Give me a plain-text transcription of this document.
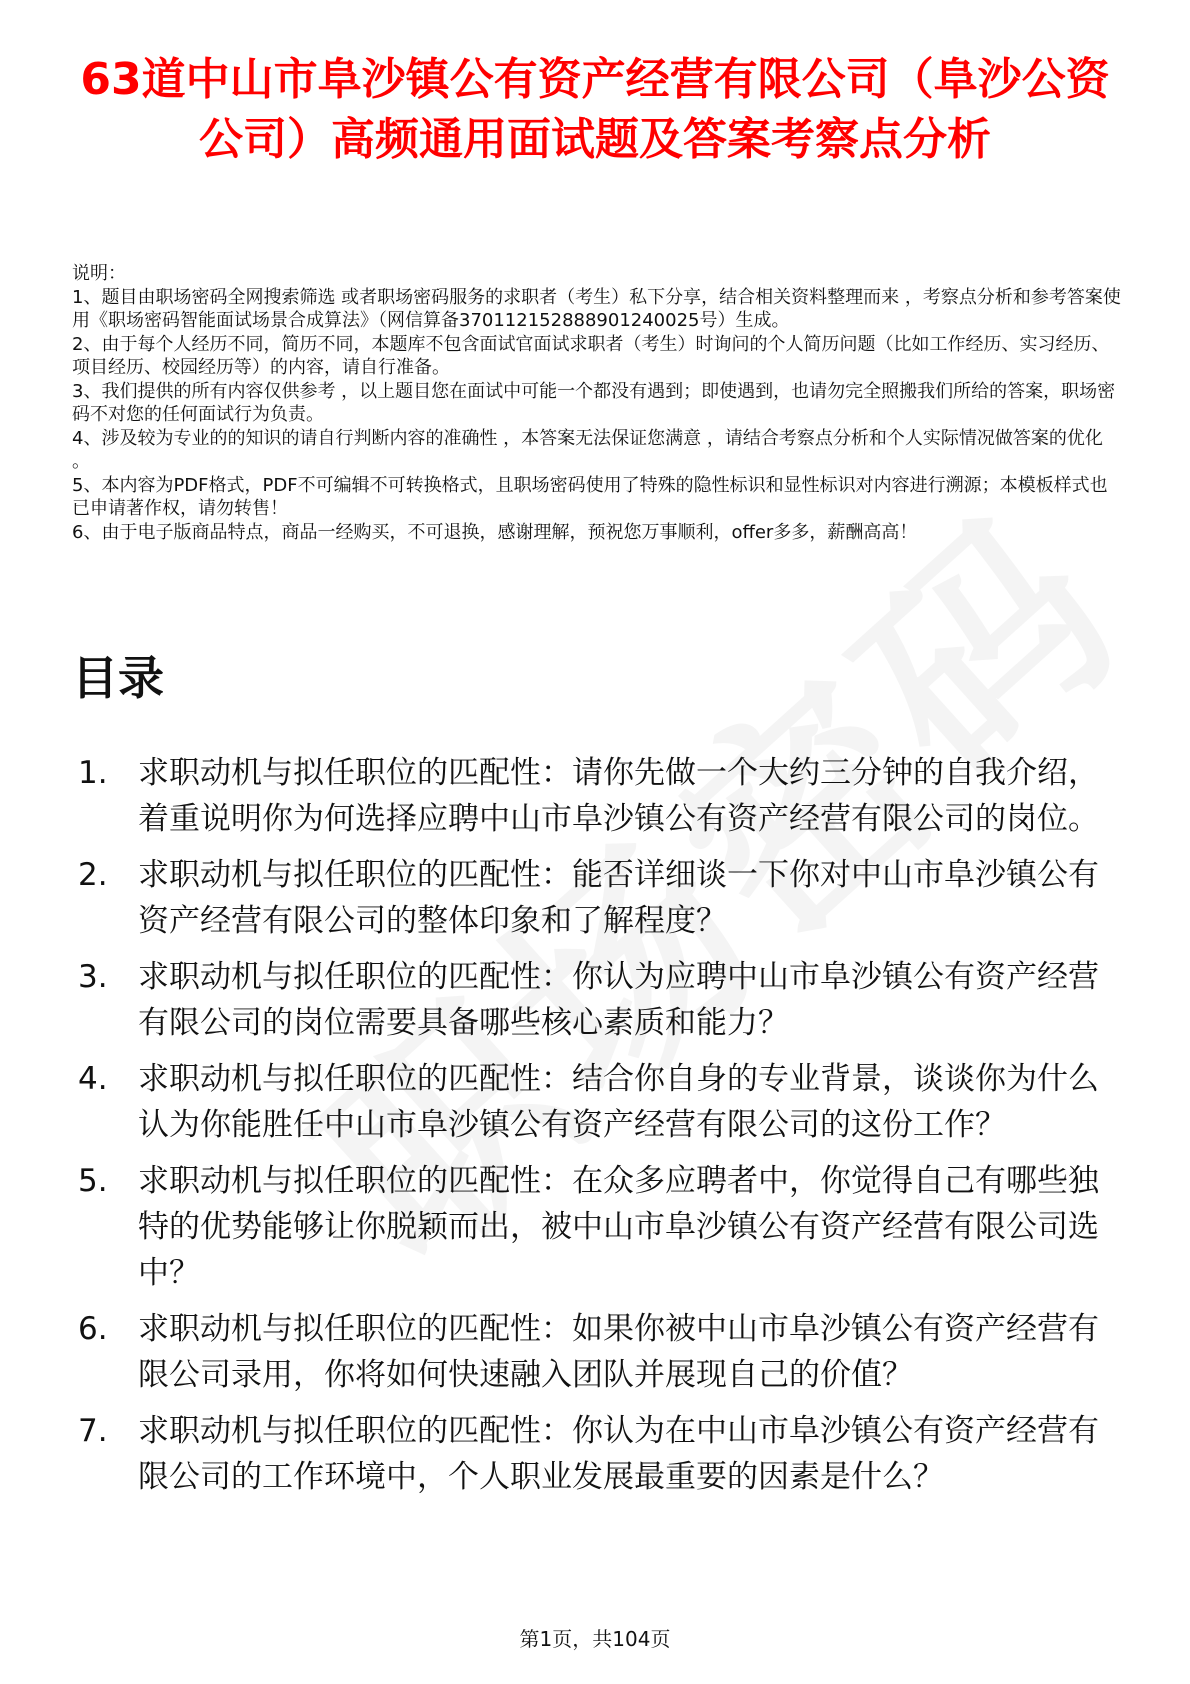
63道中山市阜沙镇公有资产经营有限公司（阜沙公资公司）高频通用面试题及答案考察点分析

说明：

1、题目由职场密码全网搜索筛选 或者职场密码服务的求职者（考生）私下分享，结合相关资料整理而来 ，考察点分析和参考答案使用《职场密码智能面试场景合成算法》（网信算备370112152888901240025号）生成。

2、由于每个人经历不同，简历不同，本题库不包含面试官面试求职者（考生）时询问的个人简历问题（比如工作经历、实习经历、项目经历、校园经历等）的内容，请自行准备。

3、我们提供的所有内容仅供参考 ，以上题目您在面试中可能一个都没有遇到；即使遇到，也请勿完全照搬我们所给的答案，职场密码不对您的任何面试行为负责。

4、涉及较为专业的的知识的请自行判断内容的准确性 ，本答案无法保证您满意 ，请结合考察点分析和个人实际情况做答案的优化 。

5、本内容为PDF格式，PDF不可编辑不可转换格式，且职场密码使用了特殊的隐性标识和显性标识对内容进行溯源；本模板样式也已申请著作权，请勿转售！

6、由于电子版商品特点，商品一经购买，不可退换，感谢理解，预祝您万事顺利，offer多多，薪酬高高！

目录
1. 求职动机与拟任职位的匹配性：请你先做一个大约三分钟的自我介绍，着重说明你为何选择应聘中山市阜沙镇公有资产经营有限公司的岗位。
2. 求职动机与拟任职位的匹配性：能否详细谈一下你对中山市阜沙镇公有资产经营有限公司的整体印象和了解程度？
3. 求职动机与拟任职位的匹配性：你认为应聘中山市阜沙镇公有资产经营有限公司的岗位需要具备哪些核心素质和能力？
4. 求职动机与拟任职位的匹配性：结合你自身的专业背景，谈谈你为什么认为你能胜任中山市阜沙镇公有资产经营有限公司的这份工作？
5. 求职动机与拟任职位的匹配性：在众多应聘者中，你觉得自己有哪些独特的优势能够让你脱颖而出，被中山市阜沙镇公有资产经营有限公司选中？
6. 求职动机与拟任职位的匹配性：如果你被中山市阜沙镇公有资产经营有限公司录用，你将如何快速融入团队并展现自己的价值？
7. 求职动机与拟任职位的匹配性：你认为在中山市阜沙镇公有资产经营有限公司的工作环境中，个人职业发展最重要的因素是什么？
第1页，共104页
